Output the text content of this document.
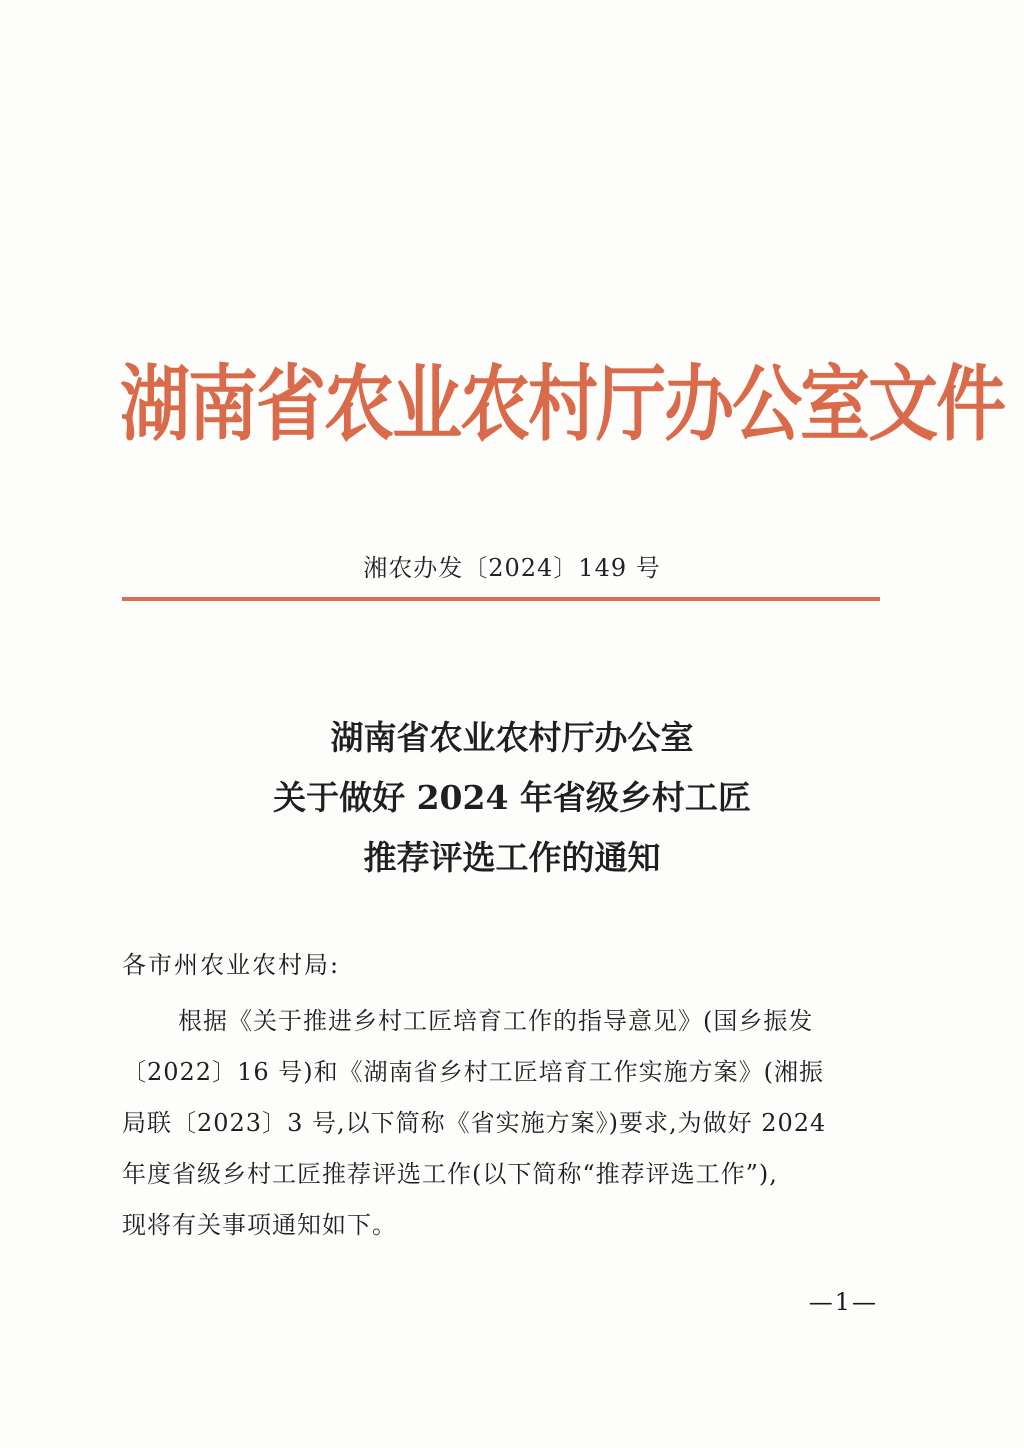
湖南省农业农村厅办公室文件
湘农办发〔2024〕149 号
湖南省农业农村厅办公室
关于做好 2024 年省级乡村工匠
推荐评选工作的通知
各市州农业农村局:
根据《关于推进乡村工匠培育工作的指导意见》(国乡振发
〔2022〕16 号)和《湖南省乡村工匠培育工作实施方案》(湘振
局联〔2023〕3 号,以下简称《省实施方案》)要求,为做好 2024
年度省级乡村工匠推荐评选工作(以下简称“推荐评选工作”),
现将有关事项通知如下。
—1—
